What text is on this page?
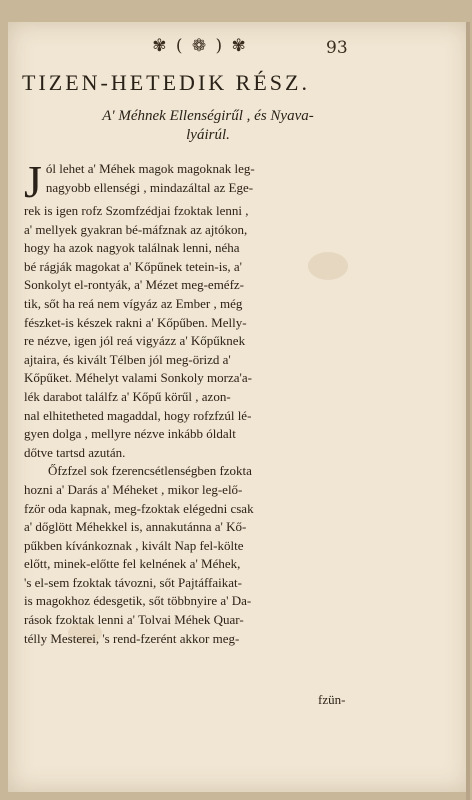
✾ ( ❁ ) ✾	93
TIZEN-HETEDIK RÉSZ.
A' Méhnek Ellenségirűl , és Nyava-
lyáirúl.
J ól lehet a' Méhek magok magoknak leg-
nagyobb ellenségi , mindazáltal az Ege-
rek is igen rofz Szomfzédjai fzoktak lenni ,
a' mellyek gyakran bé-máfznak az ajtókon,
hogy ha azok nagyok találnak lenni, néha
bé rágják magokat a' Kőpűnek tetein-is, a'
Sonkolyt el-rontyák, a' Mézet meg-eméfz-
tik, sőt ha reá nem vígyáz az Ember , még
fészket-is készek rakni a' Kőpűben. Melly-
re nézve, igen jól reá vigyázz a' Kőpűknek
ajtaira, és kivált Télben jól meg-örizd a'
Kőpűket. Méhelyt valami Sonkoly morza'a-
lék darabot találfz a' Kőpű körűl , azon-
nal elhitetheted magaddal, hogy rofzfzúl lé-
gyen dolga , mellyre nézve inkább óldalt
dőtve tartsd azután.
Őfzfzel sok fzerencsétlenségben fzokta
hozni a' Darás a' Méheket , mikor leg-elő-
fzör oda kapnak, meg-fzoktak elégedni csak
a' dőglött Méhekkel is, annakutánna a' Kő-
pűkben kívánkoznak , kivált Nap fel-költe
előtt, minek-előtte fel kelnének a' Méhek,
's el-sem fzoktak távozni, sőt Pajtáffaikat-
is magokhoz édesgetik, sőt többnyire a' Da-
rások fzoktak lenni a' Tolvai Méhek Quar-
télly Mesterei, 's rend-fzerént akkor meg-
fzün-
